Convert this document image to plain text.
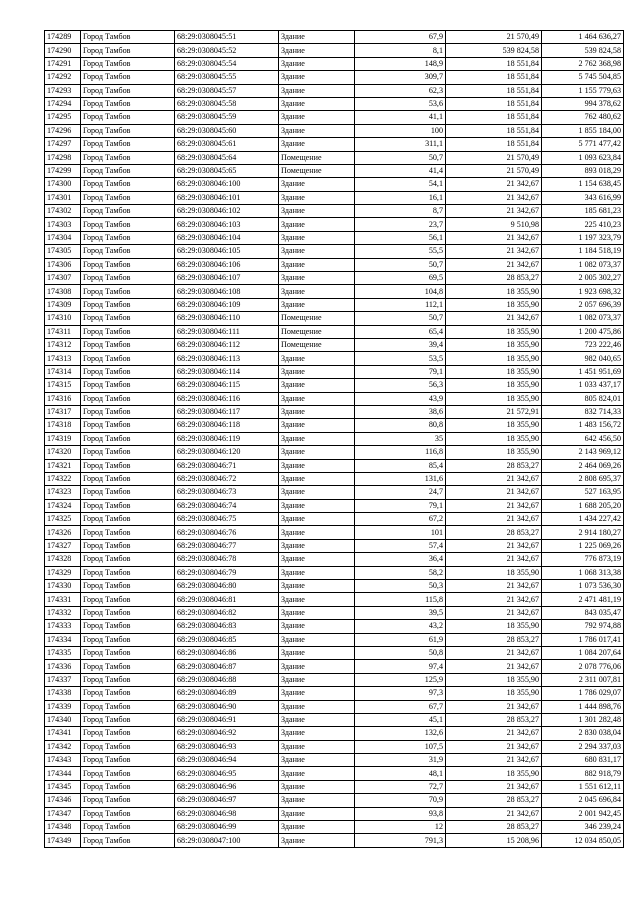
174289	Город Тамбов	68:29:0308045:51	Здание	67,9	21 570,49	1 464 636,27
174290	Город Тамбов	68:29:0308045:52	Здание	8,1	539 824,58	539 824,58
174291	Город Тамбов	68:29:0308045:54	Здание	148,9	18 551,84	2 762 368,98
174292	Город Тамбов	68:29:0308045:55	Здание	309,7	18 551,84	5 745 504,85
174293	Город Тамбов	68:29:0308045:57	Здание	62,3	18 551,84	1 155 779,63
174294	Город Тамбов	68:29:0308045:58	Здание	53,6	18 551,84	994 378,62
174295	Город Тамбов	68:29:0308045:59	Здание	41,1	18 551,84	762 480,62
174296	Город Тамбов	68:29:0308045:60	Здание	100	18 551,84	1 855 184,00
174297	Город Тамбов	68:29:0308045:61	Здание	311,1	18 551,84	5 771 477,42
174298	Город Тамбов	68:29:0308045:64	Помещение	50,7	21 570,49	1 093 623,84
174299	Город Тамбов	68:29:0308045:65	Помещение	41,4	21 570,49	893 018,29
174300	Город Тамбов	68:29:0308046:100	Здание	54,1	21 342,67	1 154 638,45
174301	Город Тамбов	68:29:0308046:101	Здание	16,1	21 342,67	343 616,99
174302	Город Тамбов	68:29:0308046:102	Здание	8,7	21 342,67	185 681,23
174303	Город Тамбов	68:29:0308046:103	Здание	23,7	9 510,98	225 410,23
174304	Город Тамбов	68:29:0308046:104	Здание	56,1	21 342,67	1 197 323,79
174305	Город Тамбов	68:29:0308046:105	Здание	55,5	21 342,67	1 184 518,19
174306	Город Тамбов	68:29:0308046:106	Здание	50,7	21 342,67	1 082 073,37
174307	Город Тамбов	68:29:0308046:107	Здание	69,5	28 853,27	2 005 302,27
174308	Город Тамбов	68:29:0308046:108	Здание	104,8	18 355,90	1 923 698,32
174309	Город Тамбов	68:29:0308046:109	Здание	112,1	18 355,90	2 057 696,39
174310	Город Тамбов	68:29:0308046:110	Помещение	50,7	21 342,67	1 082 073,37
174311	Город Тамбов	68:29:0308046:111	Помещение	65,4	18 355,90	1 200 475,86
174312	Город Тамбов	68:29:0308046:112	Помещение	39,4	18 355,90	723 222,46
174313	Город Тамбов	68:29:0308046:113	Здание	53,5	18 355,90	982 040,65
174314	Город Тамбов	68:29:0308046:114	Здание	79,1	18 355,90	1 451 951,69
174315	Город Тамбов	68:29:0308046:115	Здание	56,3	18 355,90	1 033 437,17
174316	Город Тамбов	68:29:0308046:116	Здание	43,9	18 355,90	805 824,01
174317	Город Тамбов	68:29:0308046:117	Здание	38,6	21 572,91	832 714,33
174318	Город Тамбов	68:29:0308046:118	Здание	80,8	18 355,90	1 483 156,72
174319	Город Тамбов	68:29:0308046:119	Здание	35	18 355,90	642 456,50
174320	Город Тамбов	68:29:0308046:120	Здание	116,8	18 355,90	2 143 969,12
174321	Город Тамбов	68:29:0308046:71	Здание	85,4	28 853,27	2 464 069,26
174322	Город Тамбов	68:29:0308046:72	Здание	131,6	21 342,67	2 808 695,37
174323	Город Тамбов	68:29:0308046:73	Здание	24,7	21 342,67	527 163,95
174324	Город Тамбов	68:29:0308046:74	Здание	79,1	21 342,67	1 688 205,20
174325	Город Тамбов	68:29:0308046:75	Здание	67,2	21 342,67	1 434 227,42
174326	Город Тамбов	68:29:0308046:76	Здание	101	28 853,27	2 914 180,27
174327	Город Тамбов	68:29:0308046:77	Здание	57,4	21 342,67	1 225 069,26
174328	Город Тамбов	68:29:0308046:78	Здание	36,4	21 342,67	776 873,19
174329	Город Тамбов	68:29:0308046:79	Здание	58,2	18 355,90	1 068 313,38
174330	Город Тамбов	68:29:0308046:80	Здание	50,3	21 342,67	1 073 536,30
174331	Город Тамбов	68:29:0308046:81	Здание	115,8	21 342,67	2 471 481,19
174332	Город Тамбов	68:29:0308046:82	Здание	39,5	21 342,67	843 035,47
174333	Город Тамбов	68:29:0308046:83	Здание	43,2	18 355,90	792 974,88
174334	Город Тамбов	68:29:0308046:85	Здание	61,9	28 853,27	1 786 017,41
174335	Город Тамбов	68:29:0308046:86	Здание	50,8	21 342,67	1 084 207,64
174336	Город Тамбов	68:29:0308046:87	Здание	97,4	21 342,67	2 078 776,06
174337	Город Тамбов	68:29:0308046:88	Здание	125,9	18 355,90	2 311 007,81
174338	Город Тамбов	68:29:0308046:89	Здание	97,3	18 355,90	1 786 029,07
174339	Город Тамбов	68:29:0308046:90	Здание	67,7	21 342,67	1 444 898,76
174340	Город Тамбов	68:29:0308046:91	Здание	45,1	28 853,27	1 301 282,48
174341	Город Тамбов	68:29:0308046:92	Здание	132,6	21 342,67	2 830 038,04
174342	Город Тамбов	68:29:0308046:93	Здание	107,5	21 342,67	2 294 337,03
174343	Город Тамбов	68:29:0308046:94	Здание	31,9	21 342,67	680 831,17
174344	Город Тамбов	68:29:0308046:95	Здание	48,1	18 355,90	882 918,79
174345	Город Тамбов	68:29:0308046:96	Здание	72,7	21 342,67	1 551 612,11
174346	Город Тамбов	68:29:0308046:97	Здание	70,9	28 853,27	2 045 696,84
174347	Город Тамбов	68:29:0308046:98	Здание	93,8	21 342,67	2 001 942,45
174348	Город Тамбов	68:29:0308046:99	Здание	12	28 853,27	346 239,24
174349	Город Тамбов	68:29:0308047:100	Здание	791,3	15 208,96	12 034 850,05
